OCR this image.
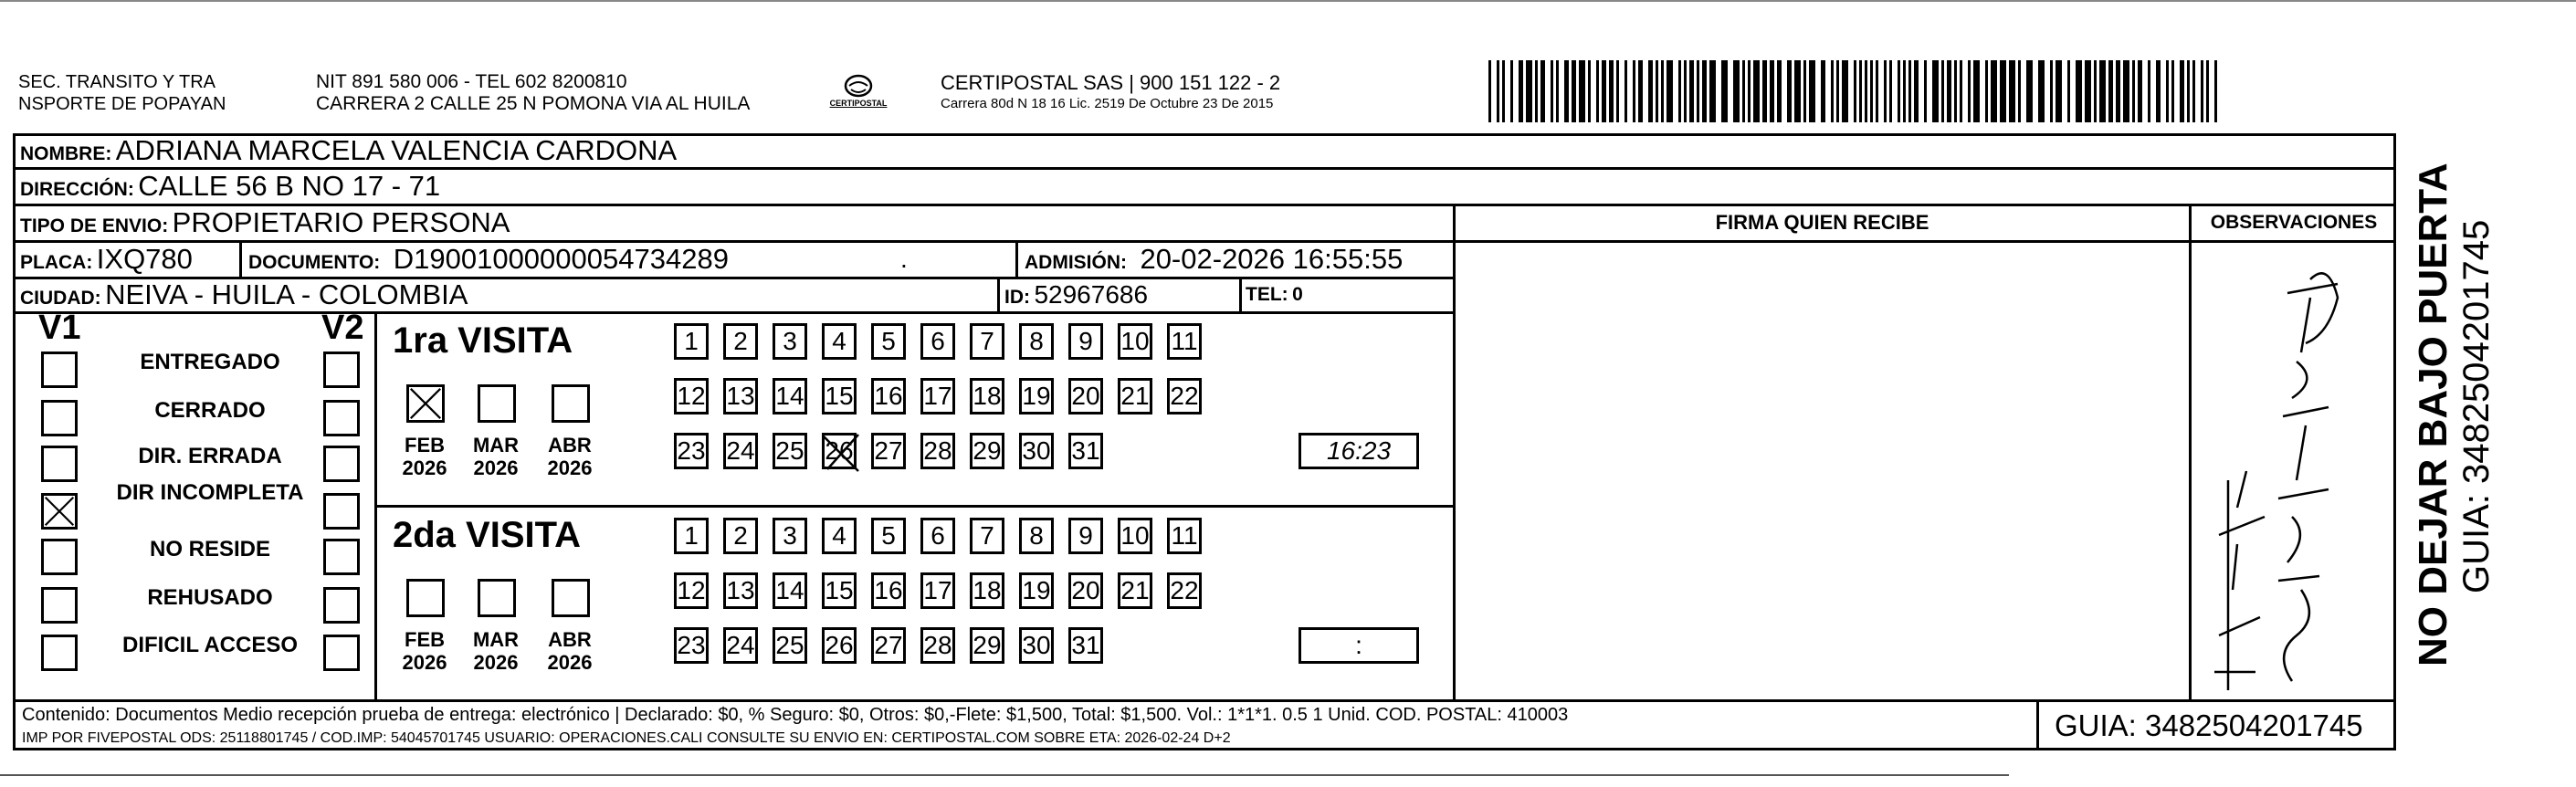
SEC. TRANSITO Y TRA
NSPORTE DE POPAYAN
NIT 891 580 006 - TEL 602 8200810
CARRERA 2 CALLE 25 N POMONA VIA AL HUILA	CERTIPOSTAL
CERTIPOSTAL SAS | 900 151 122 - 2
Carrera 80d N 18 16 Lic. 2519 De Octubre 23 De 2015
NOMBRE: ADRIANA MARCELA VALENCIA CARDONA
DIRECCIÓN: CALLE 56 B NO 17 - 71
TIPO DE ENVIO: PROPIETARIO PERSONA	FIRMA QUIEN RECIBE	OBSERVACIONES
PLACA: IXQ780	DOCUMENTO: D19001000000054734289	.	ADMISIÓN: 20-02-2026 16:55:55
CIUDAD: NEIVA - HUILA - COLOMBIA	ID: 52967686	TEL: 0
V1	V2
ENTREGADO
CERRADO
DIR. ERRADA
DIR INCOMPLETA
NO RESIDE
REHUSADO
DIFICIL ACCESO
1ra VISITA
FEB
2026
MAR
2026
ABR
2026
1	2	3	4	5	6	7	8	9	10 11
12 13 14 15 16 17 18 19 20 21 22
23 24 25 26 27 28 29 30 31	16:23
2da VISITA
FEB
2026
MAR
2026
ABR
2026
1	2	3	4	5	6	7	8	9	10 11
12 13 14 15 16 17 18 19 20 21 22
23 24 25 26 27 28 29 30 31	:
Contenido: Documentos Medio recepción prueba de entrega: electrónico | Declarado: $0, % Seguro: $0, Otros: $0,-Flete: $1,500, Total: $1,500. Vol.: 1*1*1. 0.5 1 Unid. COD. POSTAL: 410003
IMP POR FIVEPOSTAL ODS: 25118801745 / COD.IMP: 54045701745 USUARIO: OPERACIONES.CALI CONSULTE SU ENVIO EN: CERTIPOSTAL.COM SOBRE ETA: 2026-02-24 D+2	GUIA: 3482504201745
NO DEJAR BAJO PUERTA GUIA: 3482504201745
